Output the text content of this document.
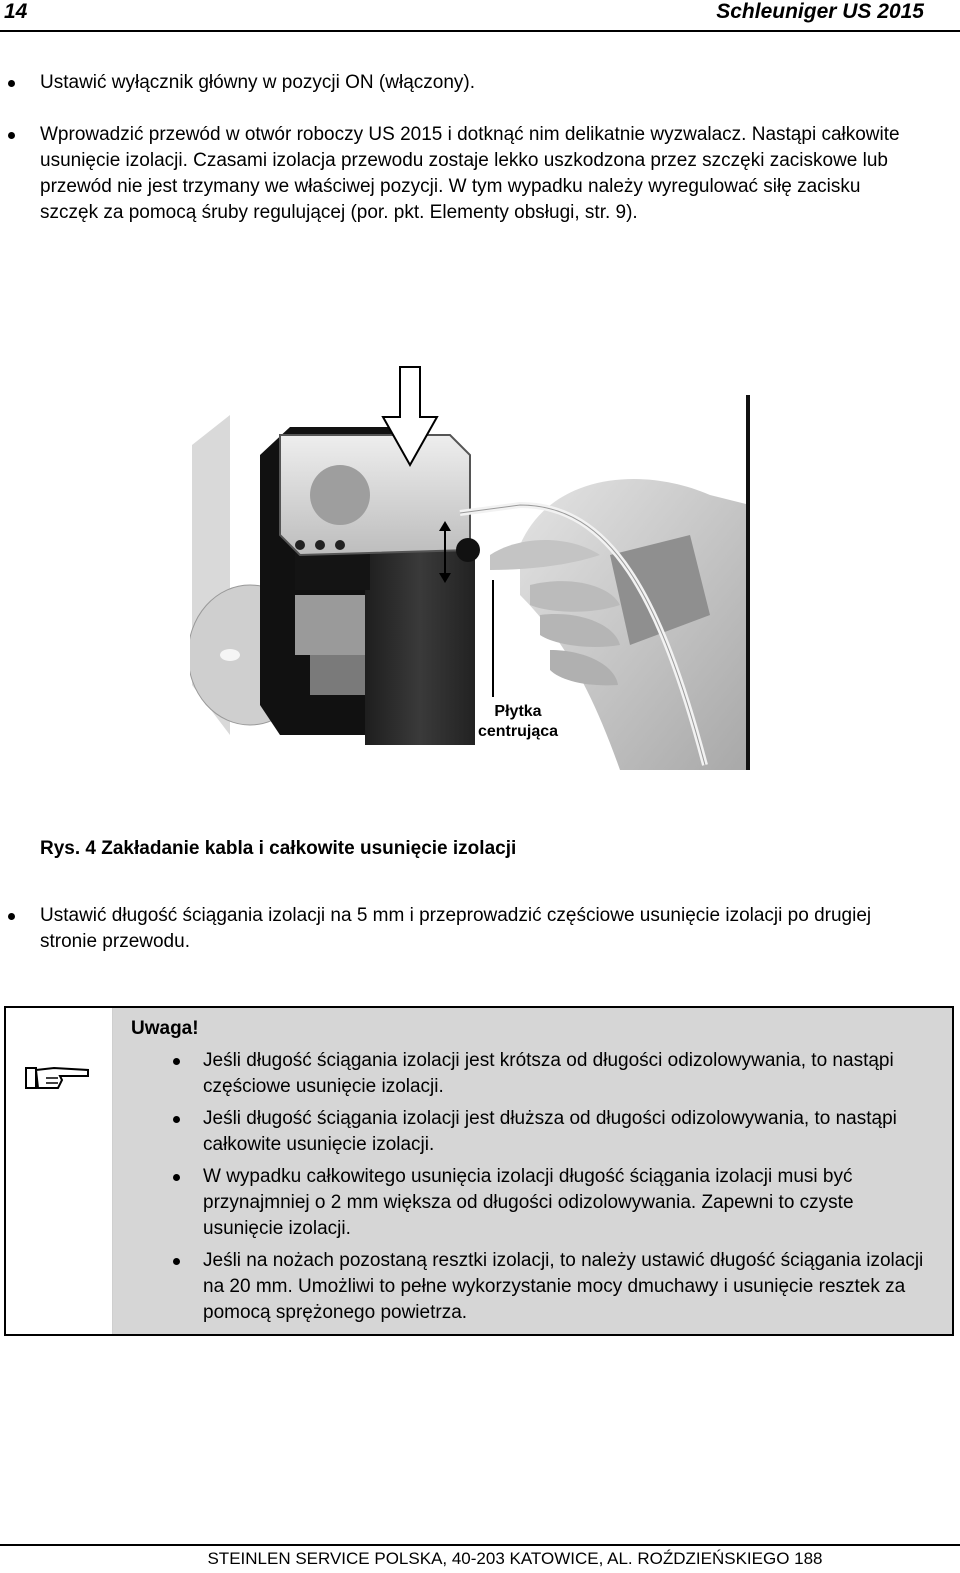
14	Schleuniger US 2015
Ustawić wyłącznik główny w pozycji ON (włączony).
Wprowadzić przewód w otwór roboczy US 2015 i dotknąć nim delikatnie wyzwalacz. Nastąpi całkowite usunięcie izolacji. Czasami izolacja przewodu zostaje lekko uszkodzona przez szczęki zaciskowe lub przewód nie jest trzymany we właściwej pozycji. W tym wypadku należy wyregulować siłę zacisku szczęk za pomocą śruby regulującej (por. pkt. Elementy obsługi, str. 9).
Płytka
centrująca
Rys. 4 Zakładanie kabla i całkowite usunięcie izolacji
Ustawić długość ściągania izolacji na 5 mm i przeprowadzić częściowe usunięcie izolacji po drugiej stronie przewodu.
Uwaga!
Jeśli długość ściągania izolacji jest krótsza od długości odizolowywania, to nastąpi częściowe usunięcie izolacji.
Jeśli długość ściągania izolacji jest dłuższa od długości odizolowywania, to nastąpi całkowite usunięcie izolacji.
W wypadku całkowitego usunięcia izolacji długość ściągania izolacji musi być przynajmniej o 2 mm większa od długości odizolowywania. Zapewni to czyste usunięcie izolacji.
Jeśli na nożach pozostaną resztki izolacji, to należy ustawić długość ściągania izolacji na 20 mm. Umożliwi to pełne wykorzystanie mocy dmuchawy i usunięcie resztek za pomocą sprężonego powietrza.
STEINLEN SERVICE POLSKA, 40-203 KATOWICE, AL. ROŹDZIEŃSKIEGO 188
